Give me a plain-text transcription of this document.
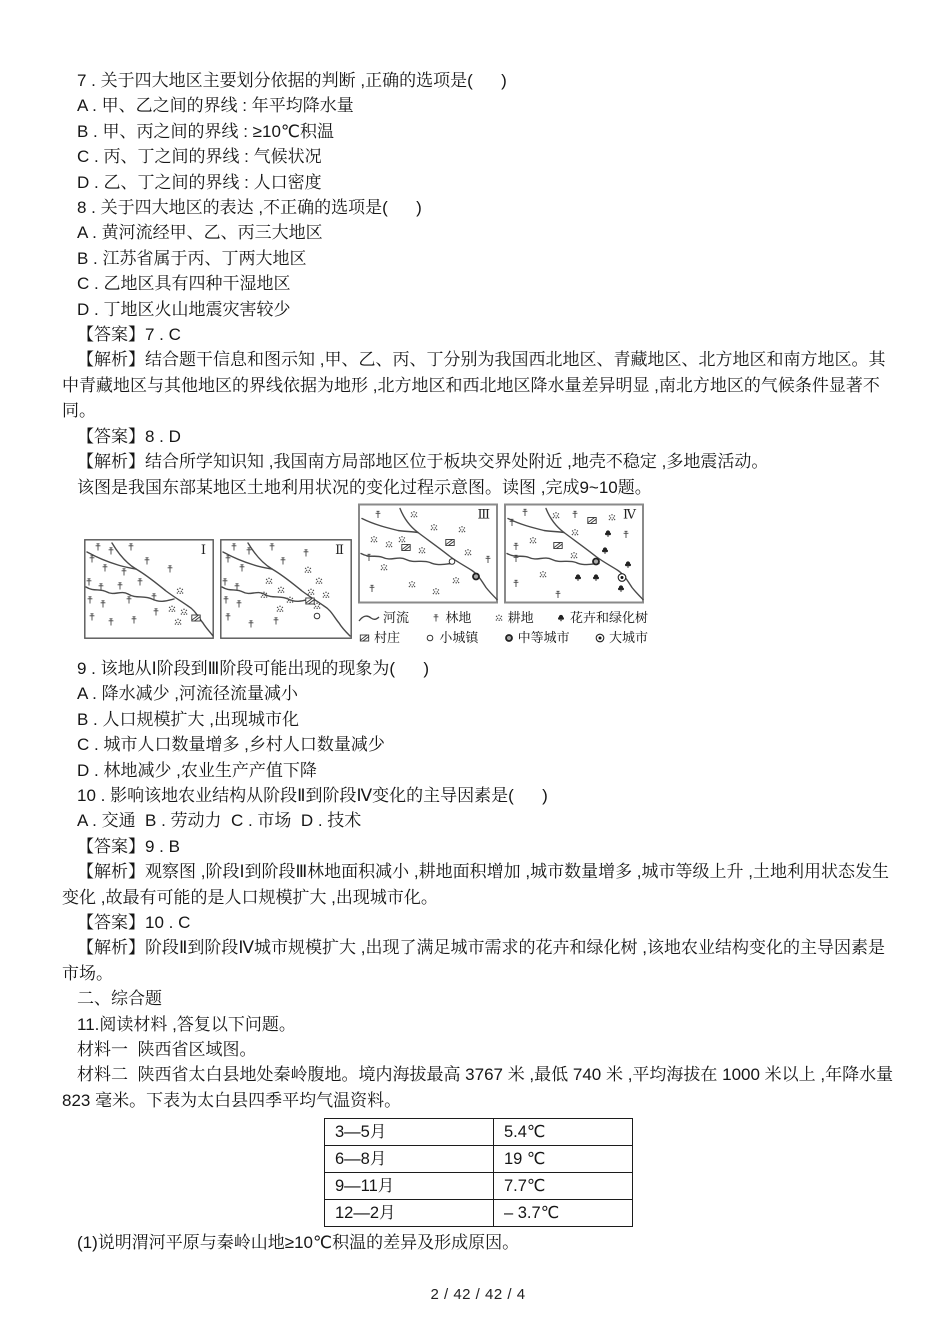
7 . 关于四大地区主要划分依据的判断 ,正确的选项是(      )

A . 甲、乙之间的界线 : 年平均降水量

B . 甲、丙之间的界线 : ≥10℃积温

C . 丙、丁之间的界线 : 气候状况

D . 乙、丁之间的界线 : 人口密度

8 . 关于四大地区的表达 ,不正确的选项是(      )

A . 黄河流经甲、乙、丙三大地区

B . 江苏省属于丙、丁两大地区

C . 乙地区具有四种干湿地区

D . 丁地区火山地震灾害较少

【答案】7 . C

【解析】结合题干信息和图示知 ,甲、乙、丙、丁分别为我国西北地区、青藏地区、北方地区和南方地区。其中青藏地区与其他地区的界线依据为地形 ,北方地区和西北地区降水量差异明显 ,南北方地区的气候条件显著不同。

【答案】8 . D

【解析】结合所学知识知 ,我国南方局部地区位于板块交界处附近 ,地壳不稳定 ,多地震活动。

该图是我国东部某地区土地利用状况的变化过程示意图。读图 ,完成9~10题。

Ⅰ	Ⅱ
Ⅲ	Ⅳ
河流	林地	耕地	花卉和绿化树
村庄	小城镇	中等城市	大城市

9 . 该地从Ⅰ阶段到Ⅲ阶段可能出现的现象为(      )

A . 降水减少 ,河流径流量减小

B . 人口规模扩大 ,出现城市化

C . 城市人口数量增多 ,乡村人口数量减少

D . 林地减少 ,农业生产产值下降

10 . 影响该地农业结构从阶段Ⅱ到阶段Ⅳ变化的主导因素是(      )

A . 交通  B . 劳动力  C . 市场  D . 技术

【答案】9 . B

【解析】观察图 ,阶段Ⅰ到阶段Ⅲ林地面积减小 ,耕地面积增加 ,城市数量增多 ,城市等级上升 ,土地利用状态发生变化 ,故最有可能的是人口规模扩大 ,出现城市化。

【答案】10 . C

【解析】阶段Ⅱ到阶段Ⅳ城市规模扩大 ,出现了满足城市需求的花卉和绿化树 ,该地农业结构变化的主导因素是市场。

二、综合题

11.阅读材料 ,答复以下问题。

材料一  陕西省区域图。

材料二  陕西省太白县地处秦岭腹地。境内海拔最高 3767 米 ,最低 740 米 ,平均海拔在 1000 米以上 ,年降水量 823 毫米。下表为太白县四季平均气温资料。

3—5月	5.4℃
6—8月	19 ℃
9—11月	7.7℃
12—2月	– 3.7℃

(1)说明渭河平原与秦岭山地≥10℃积温的差异及形成原因。

2 / 42 / 42 / 4
